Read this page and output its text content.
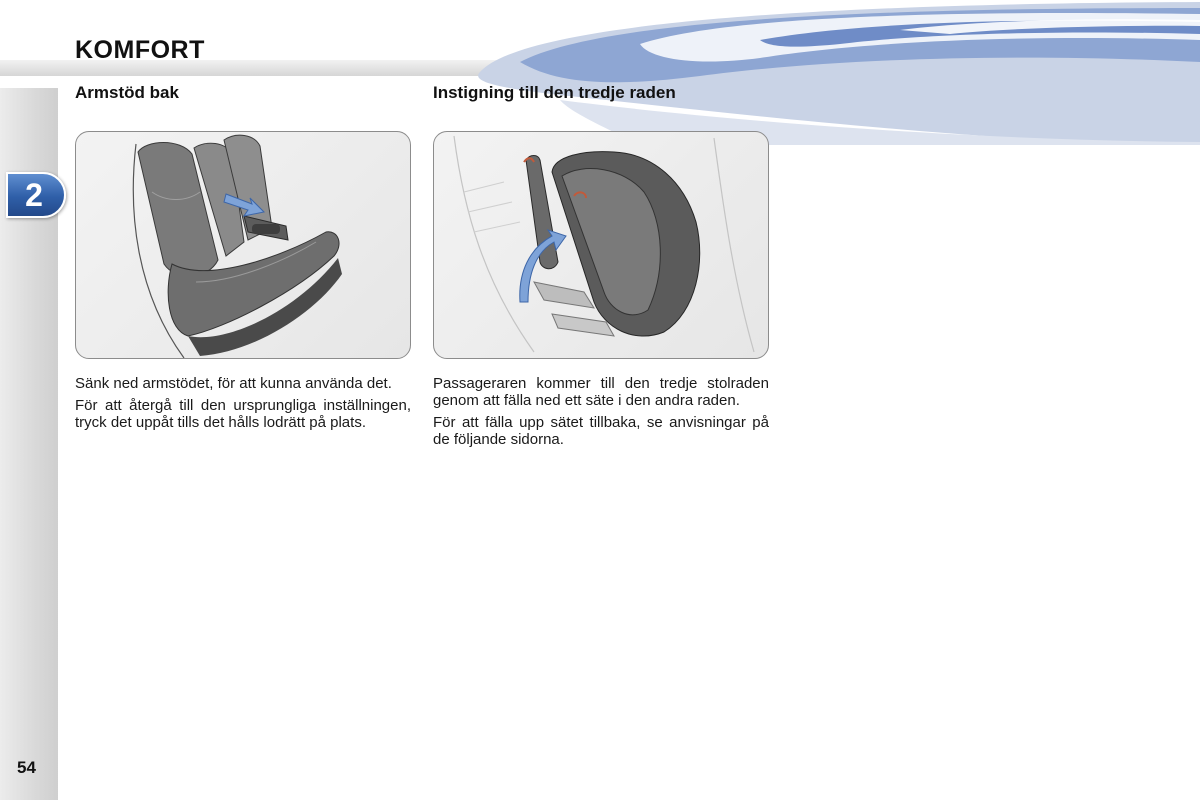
KOMFORT
2
Armstöd bak

Sänk ned armstödet, för att kunna använda det.

För att återgå till den ursprungliga inställningen, tryck det uppåt tills det hålls lodrätt på plats.

Instigning till den tredje raden

Passageraren kommer till den tredje stolraden genom att fälla ned ett säte i den andra raden.

För att fälla upp sätet tillbaka, se anvisningar på de följande sidorna.

54
